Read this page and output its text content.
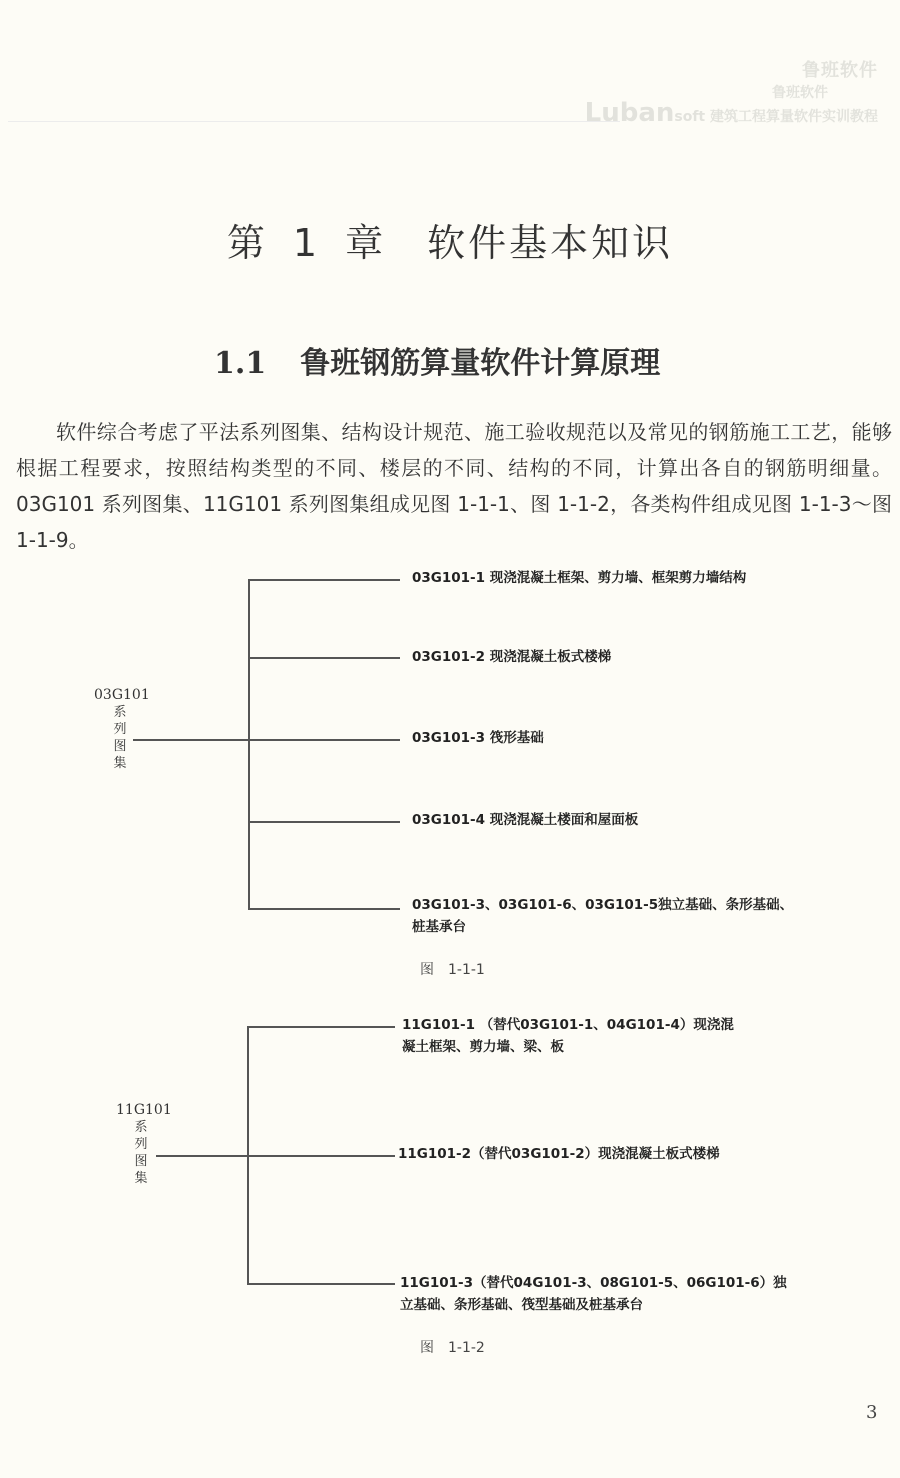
鲁班软件
鲁班软件
Lubansoft 建筑工程算量软件实训教程
第 1 章　软件基本知识
1.1 鲁班钢筋算量软件计算原理
软件综合考虑了平法系列图集、结构设计规范、施工验收规范以及常见的钢筋施工工艺，能够根据工程要求，按照结构类型的不同、楼层的不同、结构的不同，计算出各自的钢筋明细量。03G101 系列图集、11G101 系列图集组成见图 1-1-1、图 1-1-2，各类构件组成见图 1-1-3～图 1-1-9。
03G101
系
列
图
集
03G101-1 现浇混凝土框架、剪力墙、框架剪力墙结构
03G101-2 现浇混凝土板式楼梯
03G101-3 筏形基础
03G101-4 现浇混凝土楼面和屋面板
03G101-3、03G101-6、03G101-5独立基础、条形基础、
桩基承台
图 1-1-1
11G101
系
列
图
集
11G101-1 （替代03G101-1、04G101-4）现浇混
凝土框架、剪力墙、梁、板
11G101-2（替代03G101-2）现浇混凝土板式楼梯
11G101-3（替代04G101-3、08G101-5、06G101-6）独
立基础、条形基础、筏型基础及桩基承台
图 1-1-2
3
